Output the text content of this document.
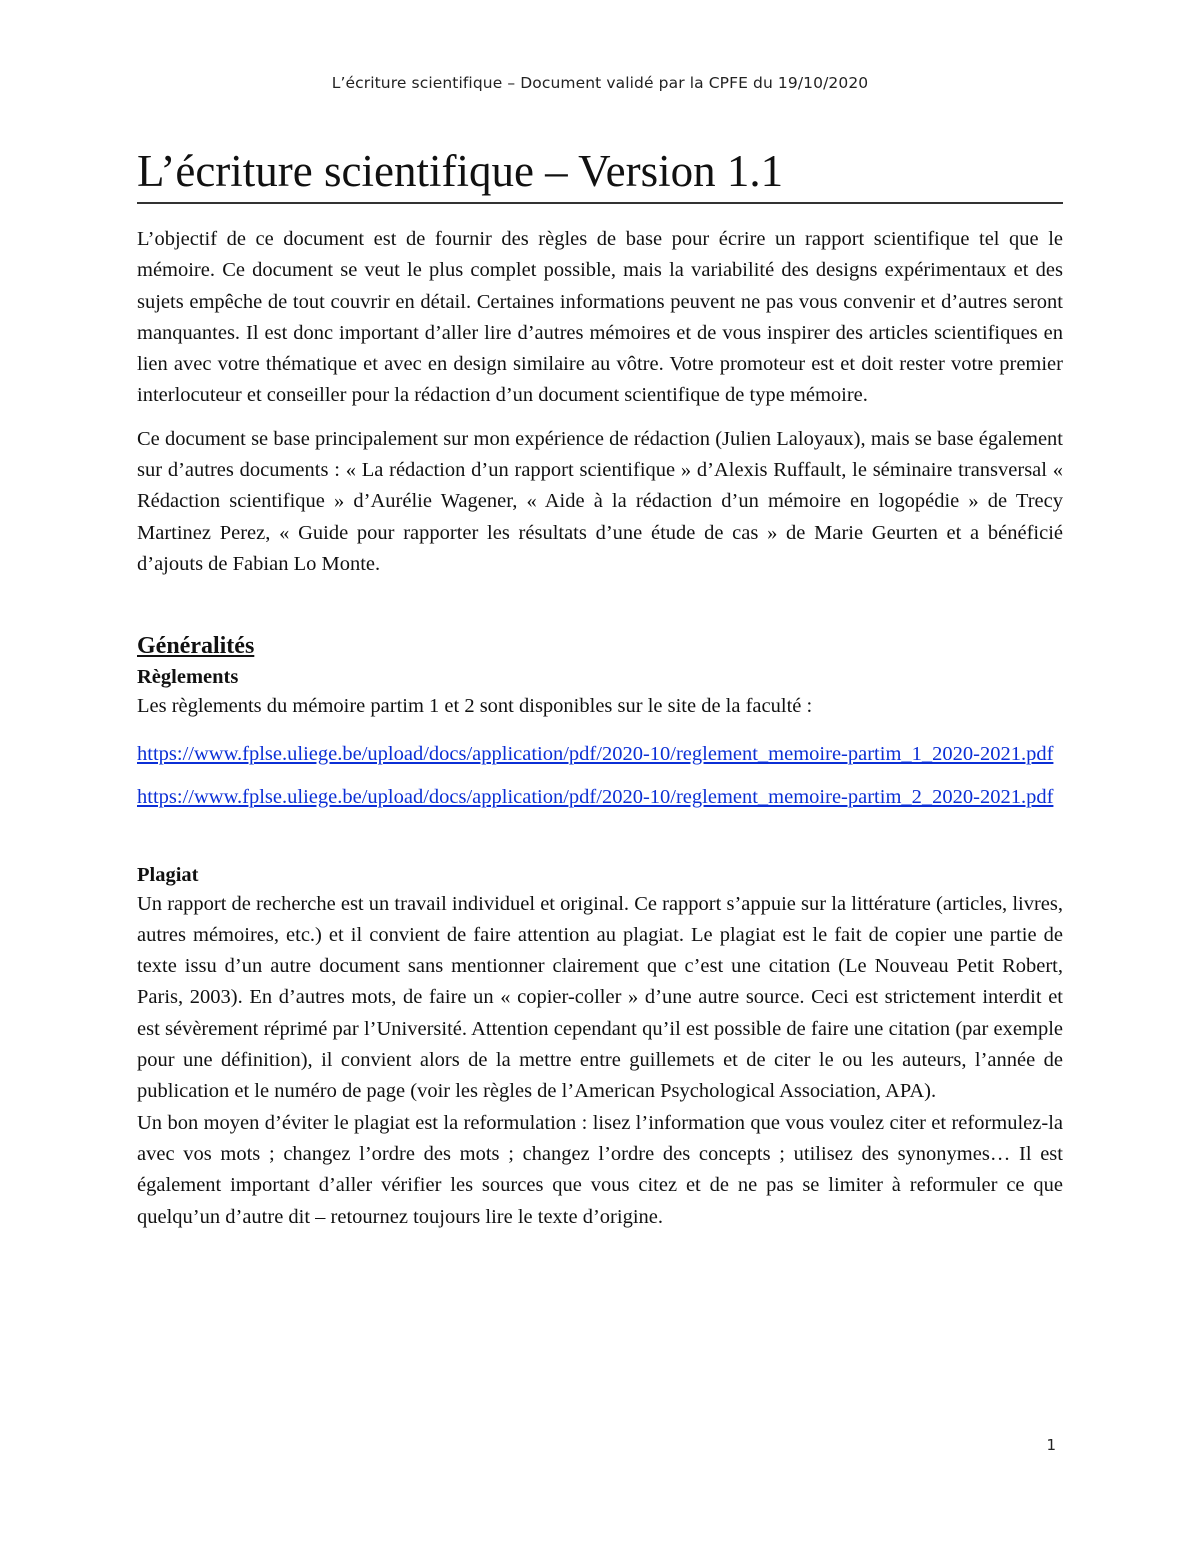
L’écriture scientifique – Document validé par la CPFE du 19/10/2020
L’écriture scientifique – Version 1.1

L’objectif de ce document est de fournir des règles de base pour écrire un rapport scientifique tel que le mémoire. Ce document se veut le plus complet possible, mais la variabilité des designs expérimentaux et des sujets empêche de tout couvrir en détail. Certaines informations peuvent ne pas vous convenir et d’autres seront manquantes. Il est donc important d’aller lire d’autres mémoires et de vous inspirer des articles scientifiques en lien avec votre thématique et avec en design similaire au vôtre. Votre promoteur est et doit rester votre premier interlocuteur et conseiller pour la rédaction d’un document scientifique de type mémoire.

Ce document se base principalement sur mon expérience de rédaction (Julien Laloyaux), mais se base également sur d’autres documents : « La rédaction d’un rapport scientifique » d’Alexis Ruffault, le séminaire transversal « Rédaction scientifique » d’Aurélie Wagener, « Aide à la rédaction d’un mémoire en logopédie » de Trecy Martinez Perez, « Guide pour rapporter les résultats d’une étude de cas » de Marie Geurten et a bénéficié d’ajouts de Fabian Lo Monte.

Généralités
Règlements

Les règlements du mémoire partim 1 et 2 sont disponibles sur le site de la faculté :

https://www.fplse.uliege.be/upload/docs/application/pdf/2020-10/reglement_memoire-partim_1_2020-2021.pdf
https://www.fplse.uliege.be/upload/docs/application/pdf/2020-10/reglement_memoire-partim_2_2020-2021.pdf
Plagiat

Un rapport de recherche est un travail individuel et original. Ce rapport s’appuie sur la littérature (articles, livres, autres mémoires, etc.) et il convient de faire attention au plagiat. Le plagiat est le fait de copier une partie de texte issu d’un autre document sans mentionner clairement que c’est une citation (Le Nouveau Petit Robert, Paris, 2003). En d’autres mots, de faire un « copier-coller » d’une autre source. Ceci est strictement interdit et est sévèrement réprimé par l’Université. Attention cependant qu’il est possible de faire une citation (par exemple pour une définition), il convient alors de la mettre entre guillemets et de citer le ou les auteurs, l’année de publication et le numéro de page (voir les règles de l’American Psychological Association, APA).

Un bon moyen d’éviter le plagiat est la reformulation : lisez l’information que vous voulez citer et reformulez-la avec vos mots ; changez l’ordre des mots ; changez l’ordre des concepts ; utilisez des synonymes… Il est également important d’aller vérifier les sources que vous citez et de ne pas se limiter à reformuler ce que quelqu’un d’autre dit – retournez toujours lire le texte d’origine.

1
